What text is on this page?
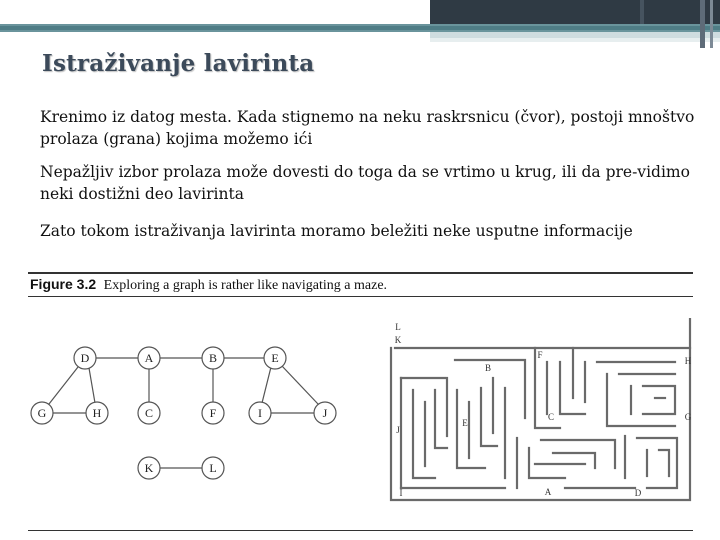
Istraživanje lavirinta

Krenimo iz datog mesta. Kada stignemo na neku raskrsnicu (čvor), postoji mnoštvo prolaza (grana) kojima možemo ići

Nepažljiv izbor prolaza može dovesti do toga da se vrtimo u krug, ili da pre-vidimo neki dostižni deo lavirinta

Zato tokom istraživanja lavirinta moramo beležiti neke usputne informacije

Figure 3.2 Exploring a graph is rather like navigating a maze.

D	A	B	E
G	H	C	F	I	J
K	L
L
K
F
B
H
C	G
E
J
I	A	D
